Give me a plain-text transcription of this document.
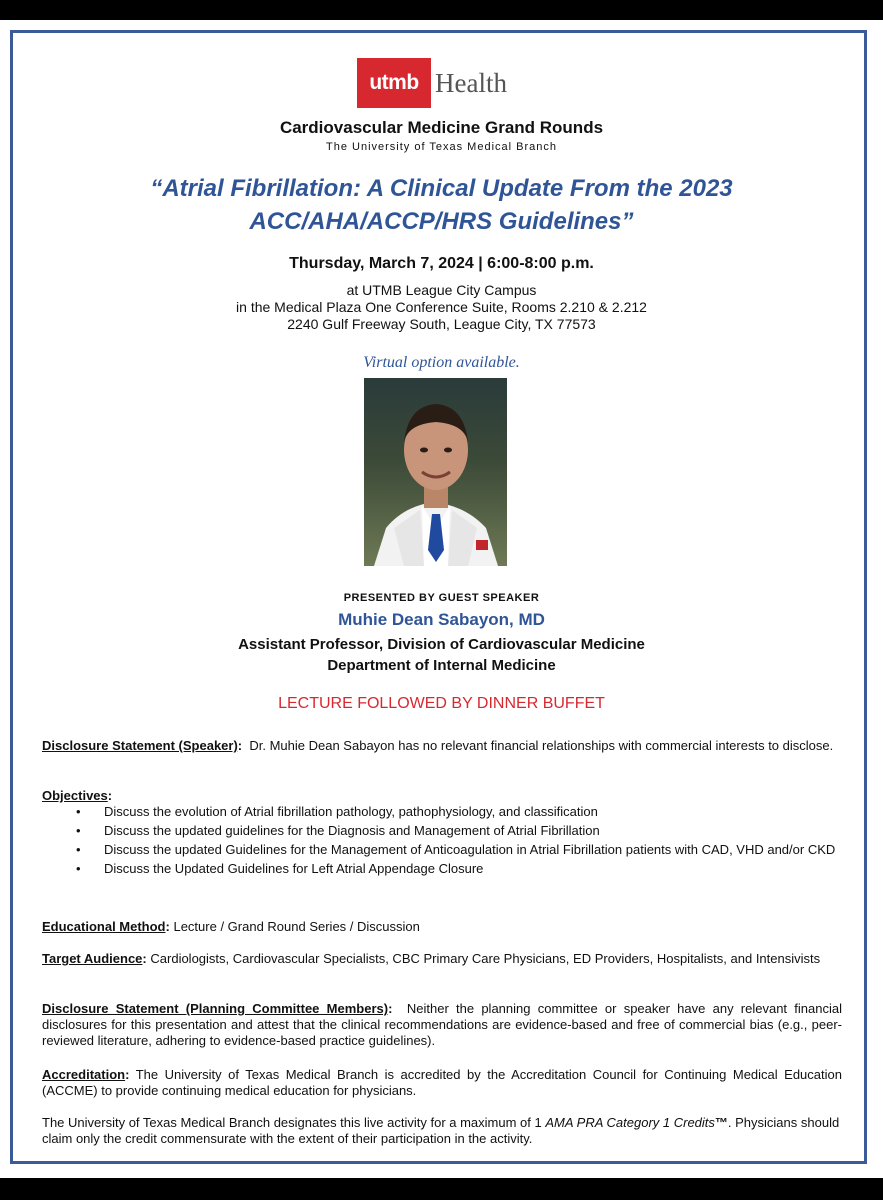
utmb Health
Cardiovascular Medicine Grand Rounds
The University of Texas Medical Branch
“Atrial Fibrillation: A Clinical Update From the 2023
ACC/AHA/ACCP/HRS Guidelines”
Thursday, March 7, 2024 | 6:00-8:00 p.m.
at UTMB League City Campus
in the Medical Plaza One Conference Suite, Rooms 2.210 & 2.212
2240 Gulf Freeway South, League City, TX 77573
Virtual option available.
PRESENTED BY GUEST SPEAKER
Muhie Dean Sabayon, MD
Assistant Professor, Division of Cardiovascular Medicine
Department of Internal Medicine
LECTURE FOLLOWED BY DINNER BUFFET
Disclosure Statement (Speaker): Dr. Muhie Dean Sabayon has no relevant financial relationships with commercial interests to disclose.
Objectives:
• Discuss the evolution of Atrial fibrillation pathology, pathophysiology, and classification
• Discuss the updated guidelines for the Diagnosis and Management of Atrial Fibrillation
• Discuss the updated Guidelines for the Management of Anticoagulation in Atrial Fibrillation patients with CAD, VHD and/or CKD
• Discuss the Updated Guidelines for Left Atrial Appendage Closure
Educational Method: Lecture / Grand Round Series / Discussion
Target Audience: Cardiologists, Cardiovascular Specialists, CBC Primary Care Physicians, ED Providers, Hospitalists, and Intensivists
Disclosure Statement (Planning Committee Members): Neither the planning committee or speaker have any relevant financial disclosures for this presentation and attest that the clinical recommendations are evidence-based and free of commercial bias (e.g., peer-reviewed literature, adhering to evidence-based practice guidelines).
Accreditation: The University of Texas Medical Branch is accredited by the Accreditation Council for Continuing Medical Education (ACCME) to provide continuing medical education for physicians.
The University of Texas Medical Branch designates this live activity for a maximum of 1 AMA PRA Category 1 Credits™. Physicians should claim only the credit commensurate with the extent of their participation in the activity.
